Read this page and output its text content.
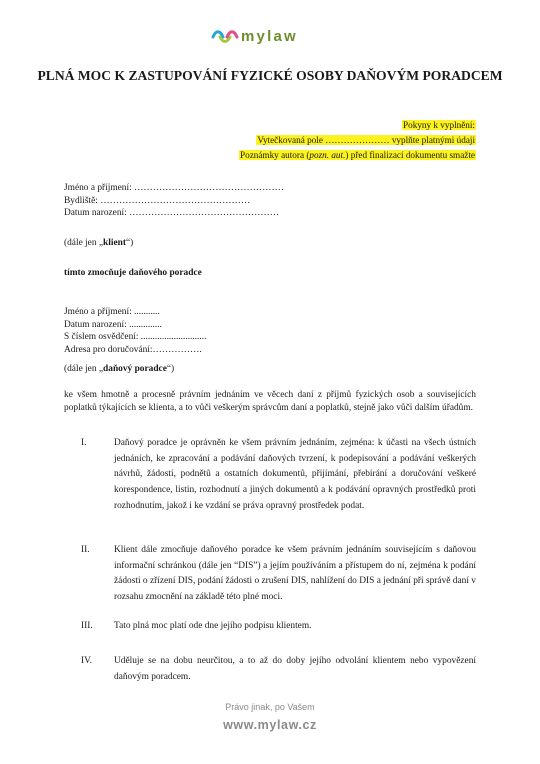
mylaw
PLNÁ MOC K ZASTUPOVÁNÍ FYZICKÉ OSOBY DAŇOVÝM PORADCEM
Pokyny k vyplnění:
Vytečkovaná pole ………………… vyplňte platnými údaji
Poznámky autora (pozn. aut.) před finalizací dokumentu smažte

Jméno a příjmení: …………………………………………

Bydliště: …………………………………………

Datum narození: …………………………………………

(dále jen „klient“)

tímto zmocňuje daňového poradce

Jméno a příjmení: ...........

Datum narození: ..............

S číslem osvědčení: ............................

Adresa pro doručování:…………….

(dále jen „daňový poradce“)

ke všem hmotně a procesně právním jednáním ve věcech daní z příjmů fyzických osob a souvisejících poplatků týkajících se klienta, a to vůči veškerým správcům daní a poplatků, stejně jako vůči dalším úřadům.

I.	Daňový poradce je oprávněn ke všem právním jednáním, zejména: k účasti na všech ústních jednáních, ke zpracování a podávání daňových tvrzení, k podepisování a podávání veškerých návrhů, žádostí, podnětů a ostatních dokumentů, přijímání, přebírání a doručování veškeré korespondence, listin, rozhodnutí a jiných dokumentů a k podávání opravných prostředků proti rozhodnutím, jakož i ke vzdání se práva opravný prostředek podat.
II.	Klient dále zmocňuje daňového poradce ke všem právním jednáním souvisejícím s daňovou informační schránkou (dále jen “DIS”) a jejím používáním a přístupem do ní, zejména k podání žádosti o zřízení DIS, podání žádosti o zrušení DIS, nahlížení do DIS a jednání při správě daní v rozsahu zmocnění na základě této plné moci.
III.	Tato plná moc platí ode dne jejího podpisu klientem.
IV.	Uděluje se na dobu neurčitou, a to až do doby jejího odvolání klientem nebo vypovězení daňovým poradcem.
Právo jinak, po Vašem
www.mylaw.cz
